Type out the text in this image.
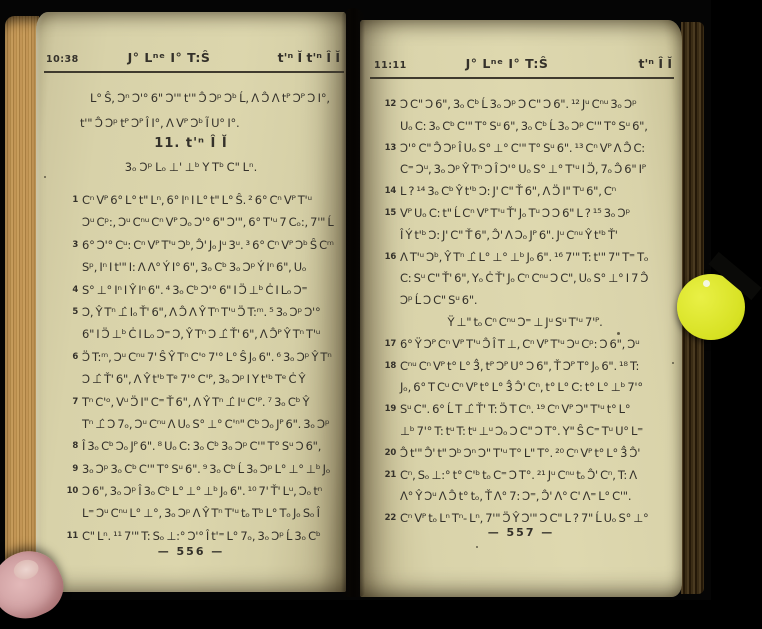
10:38	J° Lⁿᵉ I° T:Ŝ	t'ⁿ Ĭ t'ⁿ Î Ĭ
L° Ŝ, Ɔⁿ Ɔ'° 6" Ɔ'" t'" Ɔ̂ Ɔᵖ Ɔᵇ Ĺ, Λ Ɔ̂ Λ tᴾ Ɔᴾ Ɔ I°,
t'" Ɔ̂ Ɔᵖ tᴾ Ɔᴾ Î I°, Λ Vᴾ Ɔᵇ Ĩ U° I°.
11. t'ⁿ Î Ĭ
3ₒ Ɔᵖ Lₒ ⊥' ⊥ᵇ Y Tᵇ C" Lⁿ.
1 Cⁿ Vᴾ 6° L° t" Lⁿ, 6° Iⁿ I L° t" L° Ŝ. ² 6° Cⁿ Vᴾ T'ᵘ
Ɔᵘ Cᵖ:, Ɔᵘ Cⁿᵘ Cⁿ Vᴾ Ɔₒ Ɔ'° 6" Ɔ'", 6° T'ᵘ 7 Cₒ:, 7'" Ĺ
3 6° Ɔ'° Cᵘ: Cⁿ Vᴾ T'ᵘ Ɔᵇ, Ɔ̂' Jₒ Jᵘ 3ᵘ. ³ 6° Cⁿ Vᴾ Ɔᵇ Ŝ Cᵐ
Sᵖ, Iⁿ I t'" I: Λ Λ° Ý I° 6", 3ₒ Cᵇ 3ₒ Ɔᵖ Ý Iⁿ 6", Uₒ
4 S° ⊥° Iⁿ I Ŷ Iⁿ 6". ⁴ 3ₒ Cᵇ Ɔ'° 6" I Ɔ̈ ⊥ᵇ Ċ I Lₒ Ɔ⁼
5 Ɔ, Ŷ Tⁿ ⊥̂ Iₒ Ť' 6", Λ Ɔ̂ Λ Ŷ Tⁿ T'ᵘ Ɔ̈ T:ᵐ. ⁵ 3ₒ Ɔᵖ Ɔ'°
6" I Ɔ̈ ⊥ᵇ Ċ I Lₒ Ɔ⁼ Ɔ, Ŷ Tⁿ Ɔ ⊥̂ Ť' 6", Λ Ɔ̂ᴾ Ŷ Tⁿ T'ᵘ
6 Ɔ̈ T:ᵐ, Ɔᵘ Cⁿᵘ 7' Ŝ Ŷ Tⁿ C'ᵒ 7'° L° Ŝ Jₒ 6". ⁶ 3ₒ Ɔᵖ Ŷ Tⁿ
Ɔ ⊥̂ Ť' 6", Λ Ŷ t'ᵇ Tᵉ 7'° C'ᴾ, 3ₒ Ɔᵖ I Y t'ᵇ Tᵉ Ċ Ŷ
7 Tⁿ C'ᵒ, Vᵘ Ɔ̈ I" C⁼ Ť 6", Λ Ŷ Tⁿ ⊥̂ Iᵘ C'ᴾ. ⁷ 3ₒ Cᵇ Ŷ
Tⁿ ⊥̂ Ɔ 7ₒ, Ɔᵘ Cⁿᵘ Λ Uₒ S° ⊥° C'ⁿ" Cᵇ Ɔₒ Jᴾ 6". 3ₒ Ɔᵖ
8 Î 3ₒ Cᵇ Ɔₒ Jᴾ 6". ⁸ Uₒ C: 3ₒ Cᵇ 3ₒ Ɔᵖ C'" T° Sᵘ Ɔ 6",
9 3ₒ Ɔᵖ 3ₒ Cᵇ C'" T° Sᵘ 6". ⁹ 3ₒ Cᵇ Ĺ 3ₒ Ɔᵖ L° ⊥° ⊥ᵇ Jₒ
10 Ɔ 6", 3ₒ Ɔᵖ Î 3ₒ Cᵇ L° ⊥° ⊥ᵇ Jₒ 6". ¹⁰ 7' Ť' Lᵘ, Ɔₒ tⁿ
L⁼ Ɔᵘ Cⁿᵘ L° ⊥°, 3ₒ Ɔᵖ Λ Ŷ Tⁿ T'ᵘ tₒ Tᵇ L° Tₒ Jₒ Sₒ Î
11 C" Lⁿ. ¹¹ 7'" T: Sₒ ⊥:° Ɔ'° Î t'⁼ L° 7ₒ, 3ₒ Ɔᵖ Ĺ 3ₒ Cᵇ
— 556 —
11:11	J° Lⁿᵉ I° T:Ŝ	t'ⁿ Î Ĭ
12 Ɔ C" Ɔ 6", 3ₒ Cᵇ Ĺ 3ₒ Ɔᵖ Ɔ C" Ɔ 6". ¹² Jᵘ Cⁿᵘ 3ₒ Ɔᵖ
Uₒ C: 3ₒ Cᵇ C'" T° Sᵘ 6", 3ₒ Cᵇ Ĺ 3ₒ Ɔᵖ C'" T° Sᵘ 6",
13 Ɔ'° C" Ɔ̂ Ɔᵖ Î Uₒ S° ⊥° C'" T° Sᵘ 6". ¹³ Cⁿ Vᴾ Λ Ɔ̂ C:
C⁼ Ɔᵘ, 3ₒ Ɔᵖ Ŷ Tⁿ Ɔ Î Ɔ'° Uₒ S° ⊥° T'ᵘ I Ɔ̈, 7ₒ Ɔ̂ 6" Iᴾ
14 L ? ¹⁴ 3ₒ Cᵇ Ŷ t'ᵇ Ɔ: J' C" Ť 6", Λ Ɔ̈ I" Tᵘ 6", Cⁿ
15 Vᴾ Uₒ C: t" Ĺ Cⁿ Vᴾ T'ᵘ Ť' Jₒ Tᵘ Ɔ Ɔ 6" L ? ¹⁵ 3ₒ Ɔᵖ
Î Ý t'ᵇ Ɔ: J' C" Ť 6", Ɔ̂' Λ Ɔₒ Jᴾ 6". Jᵘ Cⁿᵘ Ŷ t'ᵇ Ť'
16 Λ T'ᵘ Ɔᵇ, Ŷ Tⁿ ⊥̂ L° ⊥° ⊥ᵇ Jₒ 6". ¹⁶ 7'" T: t'" 7" T⁼ Tₒ
C: Sᵘ C" Ť' 6", Yₒ Ċ Ť' Jₒ Cⁿ Cⁿᵘ Ɔ C", Uₒ S° ⊥° I 7 Ɔ̂
Ɔᵖ Ĺ Ɔ C" Sᵘ 6".
Ÿ ⊥" tₒ Cⁿ Cⁿᵘ Ɔ⁼ ⊥ Jᵘ Sᵘ T'ᵘ 7'ᴾ.
17 6° Ÿ Ɔᴾ Cⁿ Vᴾ T'ᵘ Ɔ̂ Î T ⊥, Cⁿ Vᴾ T'ᵘ Ɔᵘ Cᵖ: Ɔ 6", Ɔᵘ
18 Cⁿᵘ Cⁿ Vᴾ t° L° 3̂, tᴾ Ɔᴾ U° Ɔ 6", Ť Ɔᴾ T° Jₒ 6". ¹⁸ T:
Jₒ, 6° T Cᵘ Cⁿ Vᴾ t° L° 3̂ Ɔ̂' Cⁿ, t° L° C: t° L° ⊥ᵇ 7'°
19 Sᵘ C". 6° Ĺ T ⊥̂ Ť' T: Ɔ̈ T Cⁿ. ¹⁹ Cⁿ Vᴾ Ɔ" T'ᵘ t° L°
⊥ᵇ 7'° T: tᵘ T: tᵘ ⊥ᵘ Ɔₒ Ɔ C" Ɔ T°. Y" Ŝ C⁼ Tᵘ U° L⁼
20 Ɔ̂ t'" Ɔ̂' t" Ɔᵇ Ɔⁿ Ɔ" T'ᵘ T° L" T°. ²⁰ Cⁿ Vᴾ t° L° 3̂ Ɔ̂'
21 Cⁿ, Sₒ ⊥:° t° C'ᵇ tₒ C⁼ Ɔ T°. ²¹ Jᵘ Cⁿᵘ tₒ Ɔ̂' Cⁿ, T: Λ
Λ° Ŷ Ɔᵘ Λ Ɔ̂ t° tₒ, Ť Λ° 7: Ɔ⁼, Ɔ̂' Λ° C' Λ⁼ L° C'".
22 Cⁿ Vᴾ tₒ Lⁿ Tⁿ- Lⁿ, 7'" Ɔ̈ Ŷ Ɔ'" Ɔ C" L ? 7" Ĺ Uₒ S° ⊥°
— 557 —
